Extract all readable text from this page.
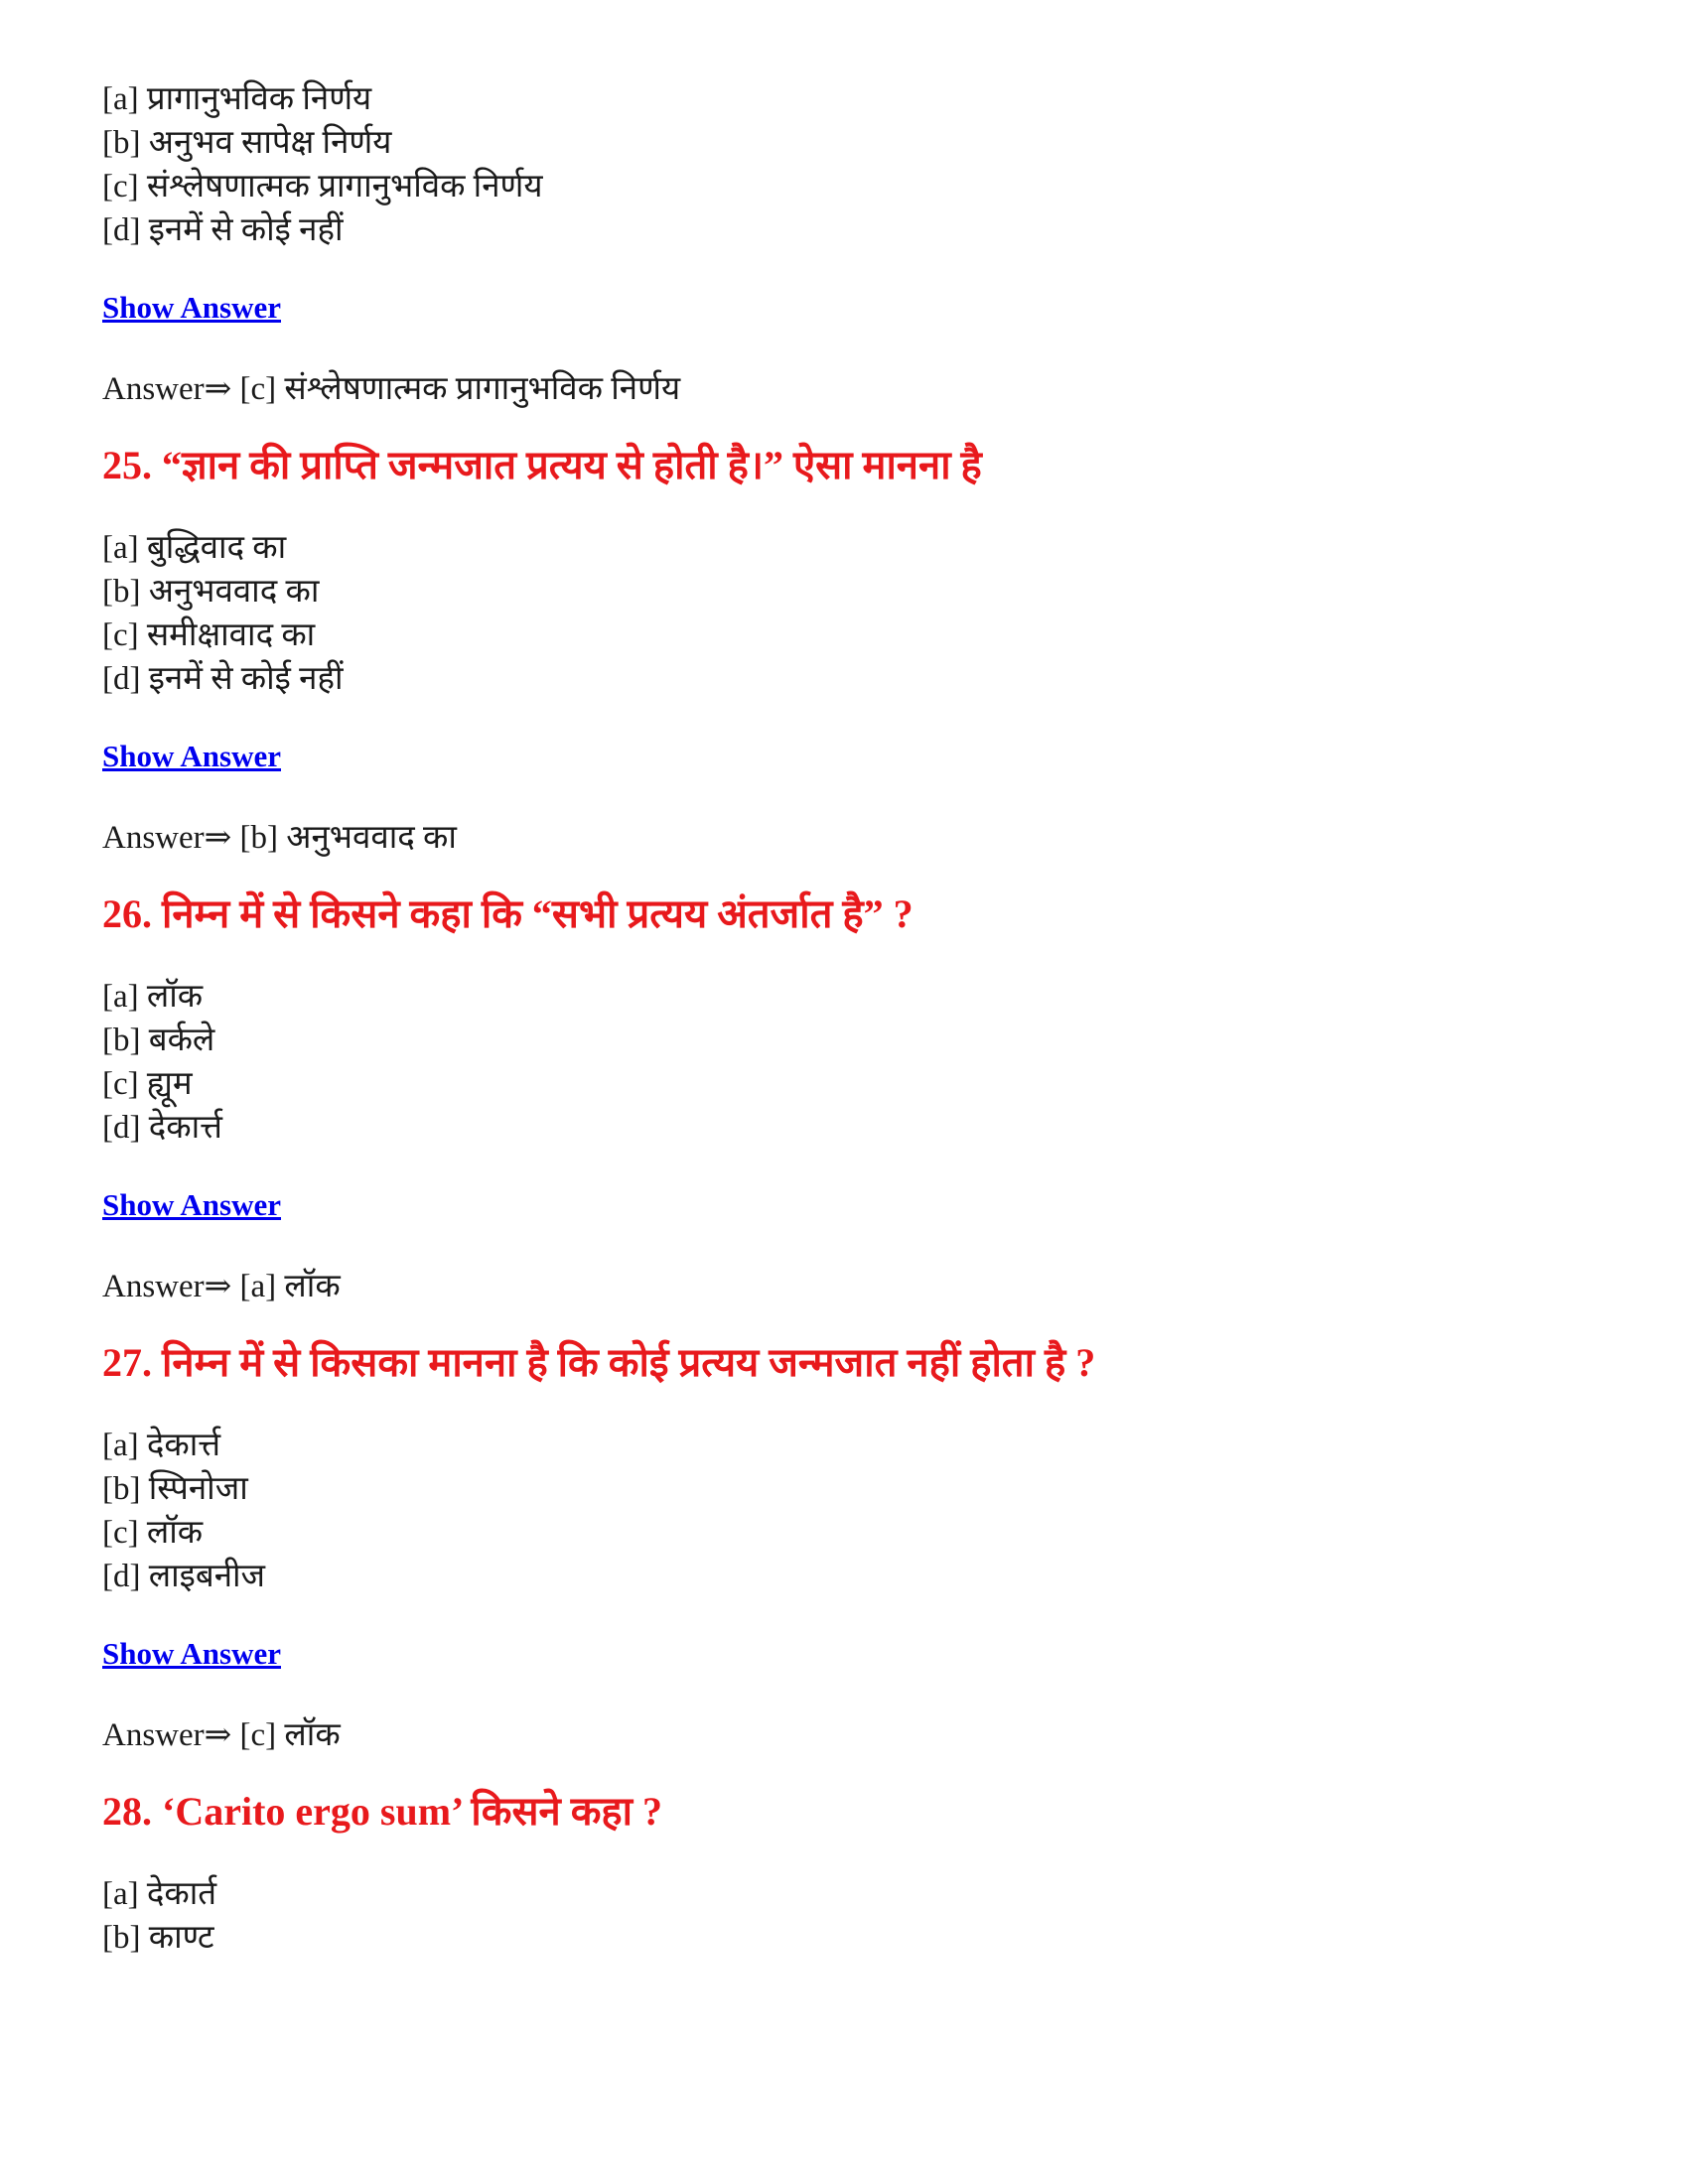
[a] प्रागानुभविक निर्णय

[b] अनुभव सापेक्ष निर्णय

[c] संश्लेषणात्मक प्रागानुभविक निर्णय

[d] इनमें से कोई नहीं

Show Answer
Answer⇒ [c] संश्लेषणात्मक प्रागानुभविक निर्णय
25. “ज्ञान की प्राप्ति जन्मजात प्रत्यय से होती है।” ऐसा मानना है

[a] बुद्धिवाद का

[b] अनुभववाद का

[c] समीक्षावाद का

[d] इनमें से कोई नहीं

Show Answer
Answer⇒ [b] अनुभववाद का
26. निम्न में से किसने कहा कि “सभी प्रत्यय अंतर्जात है” ?

[a] लॉक

[b] बर्कले

[c] ह्यूम

[d] देकार्त्त

Show Answer
Answer⇒ [a] लॉक
27. निम्न में से किसका मानना है कि कोई प्रत्यय जन्मजात नहीं होता है ?

[a] देकार्त्त

[b] स्पिनोजा

[c] लॉक

[d] लाइबनीज

Show Answer
Answer⇒ [c] लॉक
28. ‘Carito ergo sum’ किसने कहा ?

[a] देकार्त

[b] काण्ट
